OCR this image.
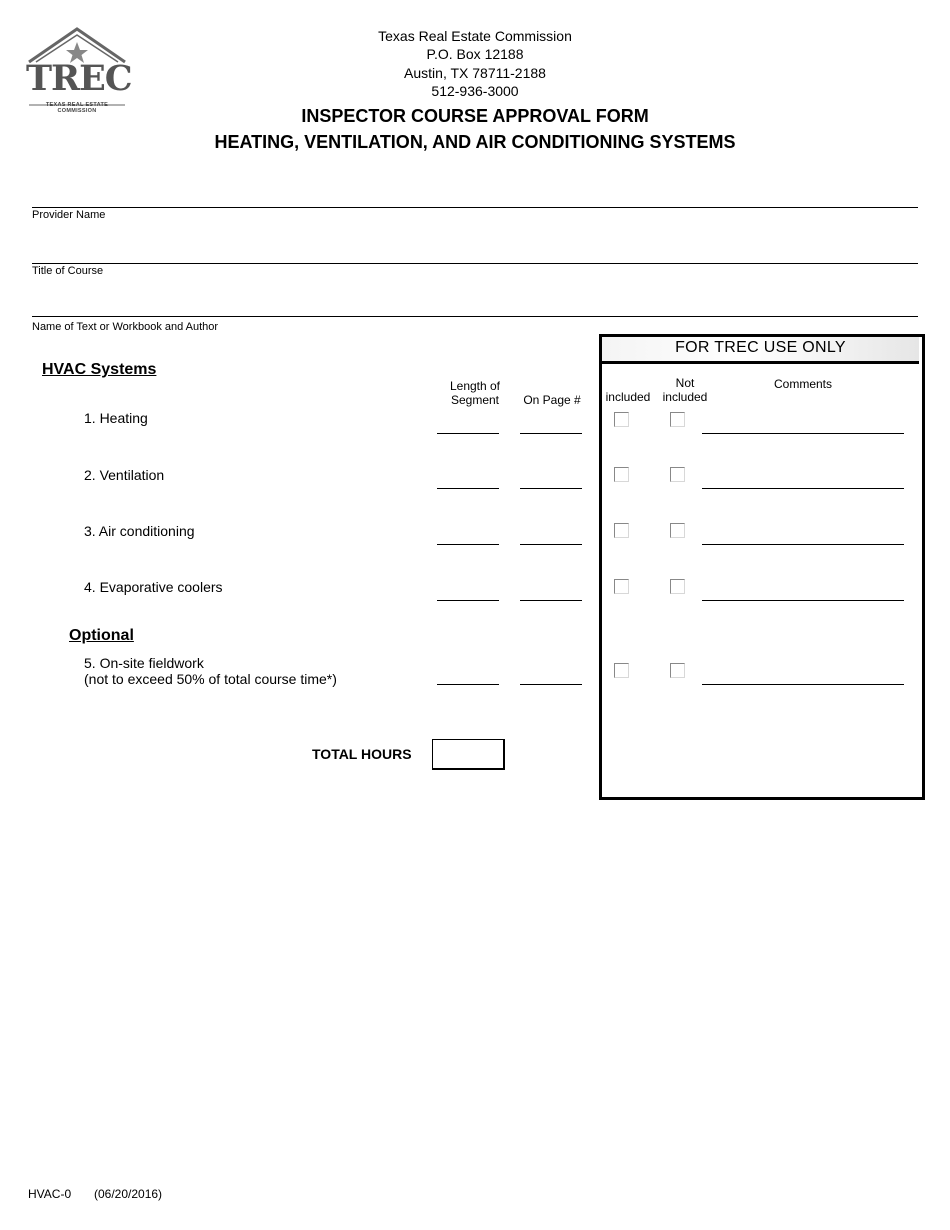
TREC
TEXAS REAL ESTATE COMMISSION
Texas Real Estate Commission
P.O. Box 12188
Austin, TX 78711-2188
512-936-3000
INSPECTOR COURSE APPROVAL FORM
HEATING, VENTILATION, AND AIR CONDITIONING SYSTEMS
Provider Name
Title of Course
Name of Text or Workbook and Author
FOR TREC USE ONLY
HVAC Systems
Length of
Segment	On Page #	included
Not
included
Comments
1. Heating
2. Ventilation
3. Air conditioning
4. Evaporative coolers
Optional
5. On-site fieldwork
(not to exceed 50% of total course time*)
TOTAL HOURS
HVAC-0 (06/20/2016)
